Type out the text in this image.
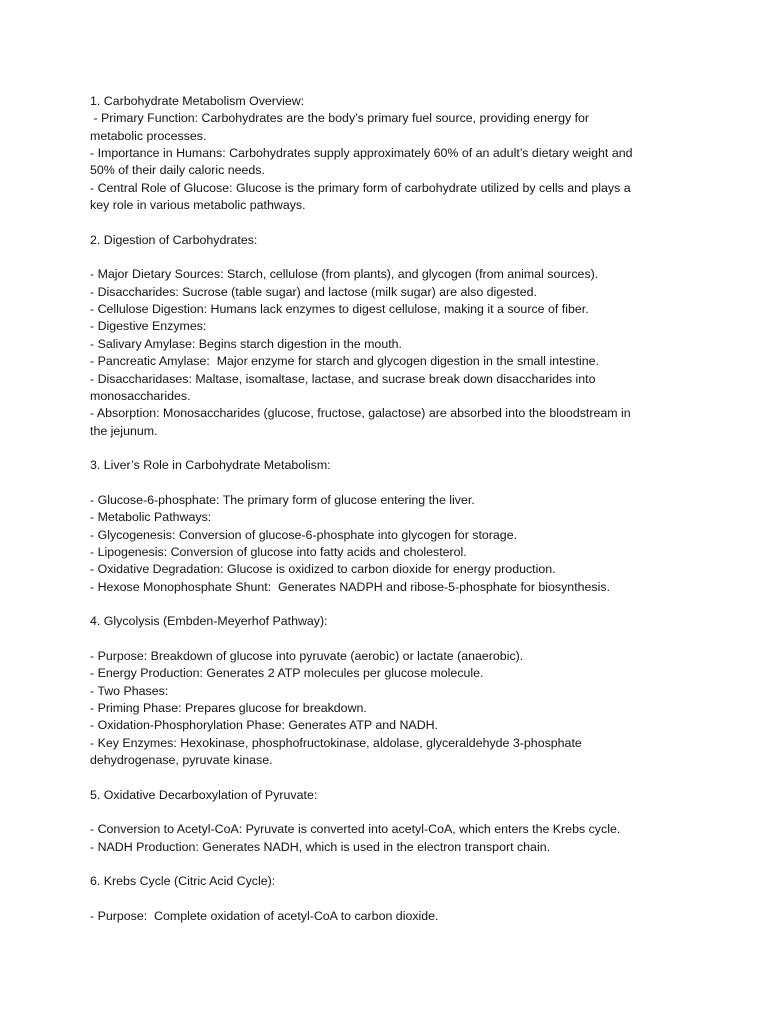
1. Carbohydrate Metabolism Overview:
- Primary Function: Carbohydrates are the body’s primary fuel source, providing energy for
metabolic processes.
- Importance in Humans: Carbohydrates supply approximately 60% of an adult’s dietary weight and
50% of their daily caloric needs.
- Central Role of Glucose: Glucose is the primary form of carbohydrate utilized by cells and plays a
key role in various metabolic pathways.
2. Digestion of Carbohydrates:
- Major Dietary Sources: Starch, cellulose (from plants), and glycogen (from animal sources).
- Disaccharides: Sucrose (table sugar) and lactose (milk sugar) are also digested.
- Cellulose Digestion: Humans lack enzymes to digest cellulose, making it a source of fiber.
- Digestive Enzymes:
- Salivary Amylase: Begins starch digestion in the mouth.
- Pancreatic Amylase:  Major enzyme for starch and glycogen digestion in the small intestine.
- Disaccharidases: Maltase, isomaltase, lactase, and sucrase break down disaccharides into
monosaccharides.
- Absorption: Monosaccharides (glucose, fructose, galactose) are absorbed into the bloodstream in
the jejunum.
3. Liver’s Role in Carbohydrate Metabolism:
- Glucose-6-phosphate: The primary form of glucose entering the liver.
- Metabolic Pathways:
- Glycogenesis: Conversion of glucose-6-phosphate into glycogen for storage.
- Lipogenesis: Conversion of glucose into fatty acids and cholesterol.
- Oxidative Degradation: Glucose is oxidized to carbon dioxide for energy production.
- Hexose Monophosphate Shunt:  Generates NADPH and ribose-5-phosphate for biosynthesis.
4. Glycolysis (Embden-Meyerhof Pathway):
- Purpose: Breakdown of glucose into pyruvate (aerobic) or lactate (anaerobic).
- Energy Production: Generates 2 ATP molecules per glucose molecule.
- Two Phases:
- Priming Phase: Prepares glucose for breakdown.
- Oxidation-Phosphorylation Phase: Generates ATP and NADH.
- Key Enzymes: Hexokinase, phosphofructokinase, aldolase, glyceraldehyde 3-phosphate
dehydrogenase, pyruvate kinase.
5. Oxidative Decarboxylation of Pyruvate:
- Conversion to Acetyl-CoA: Pyruvate is converted into acetyl-CoA, which enters the Krebs cycle.
- NADH Production: Generates NADH, which is used in the electron transport chain.
6. Krebs Cycle (Citric Acid Cycle):
- Purpose:  Complete oxidation of acetyl-CoA to carbon dioxide.
